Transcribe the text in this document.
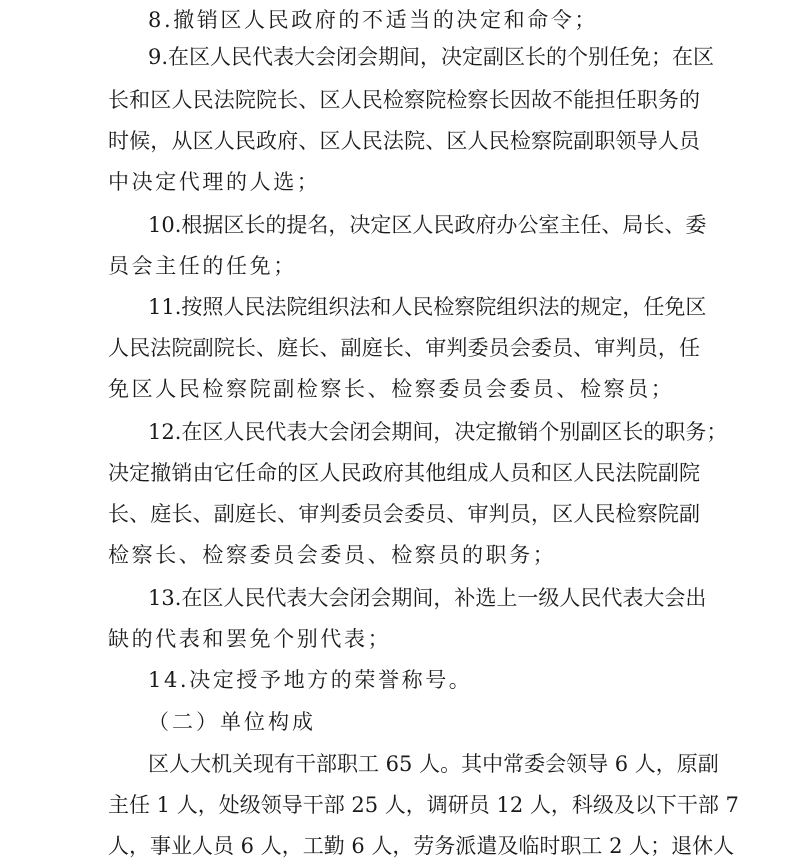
8.撤销区人民政府的不适当的决定和命令；
9.在区人民代表大会闭会期间，决定副区长的个别任免；在区
长和区人民法院院长、区人民检察院检察长因故不能担任职务的
时候，从区人民政府、区人民法院、区人民检察院副职领导人员
中决定代理的人选；
10.根据区长的提名，决定区人民政府办公室主任、局长、委
员会主任的任免；
11.按照人民法院组织法和人民检察院组织法的规定，任免区
人民法院副院长、庭长、副庭长、审判委员会委员、审判员，任
免区人民检察院副检察长、检察委员会委员、检察员；
12.在区人民代表大会闭会期间，决定撤销个别副区长的职务；
决定撤销由它任命的区人民政府其他组成人员和区人民法院副院
长、庭长、副庭长、审判委员会委员、审判员，区人民检察院副
检察长、检察委员会委员、检察员的职务；
13.在区人民代表大会闭会期间，补选上一级人民代表大会出
缺的代表和罢免个别代表；
14.决定授予地方的荣誉称号。
（二）单位构成
区人大机关现有干部职工 65 人。其中常委会领导 6 人，原副
主任 1 人，处级领导干部 25 人，调研员 12 人，科级及以下干部 7
人，事业人员 6 人，工勤 6 人，劳务派遣及临时职工 2 人；退休人
